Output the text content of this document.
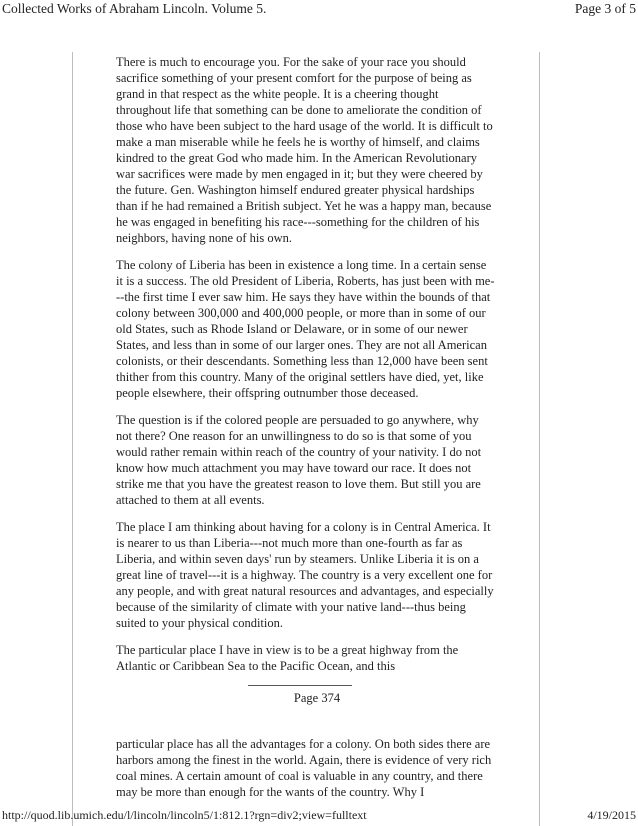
Collected Works of Abraham Lincoln. Volume 5.	Page 3 of 5

There is much to encourage you. For the sake of your race you should sacrifice something of your present comfort for the purpose of being as grand in that respect as the white people. It is a cheering thought throughout life that something can be done to ameliorate the condition of those who have been subject to the hard usage of the world. It is difficult to make a man miserable while he feels he is worthy of himself, and claims kindred to the great God who made him. In the American Revolutionary war sacrifices were made by men engaged in it; but they were cheered by the future. Gen. Washington himself endured greater physical hardships than if he had remained a British subject. Yet he was a happy man, because he was engaged in benefiting his race---something for the children of his neighbors, having none of his own.

The colony of Liberia has been in existence a long time. In a certain sense it is a success. The old President of Liberia, Roberts, has just been with me---the first time I ever saw him. He says they have within the bounds of that colony between 300,000 and 400,000 people, or more than in some of our old States, such as Rhode Island or Delaware, or in some of our newer States, and less than in some of our larger ones. They are not all American colonists, or their descendants. Something less than 12,000 have been sent thither from this country. Many of the original settlers have died, yet, like people elsewhere, their offspring outnumber those deceased.

The question is if the colored people are persuaded to go anywhere, why not there? One reason for an unwillingness to do so is that some of you would rather remain within reach of the country of your nativity. I do not know how much attachment you may have toward our race. It does not strike me that you have the greatest reason to love them. But still you are attached to them at all events.

The place I am thinking about having for a colony is in Central America. It is nearer to us than Liberia---not much more than one-fourth as far as Liberia, and within seven days' run by steamers. Unlike Liberia it is on a great line of travel---it is a highway. The country is a very excellent one for any people, and with great natural resources and advantages, and especially because of the similarity of climate with your native land---thus being suited to your physical condition.

The particular place I have in view is to be a great highway from the Atlantic or Caribbean Sea to the Pacific Ocean, and this

Page 374

particular place has all the advantages for a colony. On both sides there are harbors among the finest in the world. Again, there is evidence of very rich coal mines. A certain amount of coal is valuable in any country, and there may be more than enough for the wants of the country. Why I

http://quod.lib.umich.edu/l/lincoln/lincoln5/1:812.1?rgn=div2;view=fulltext	4/19/2015
